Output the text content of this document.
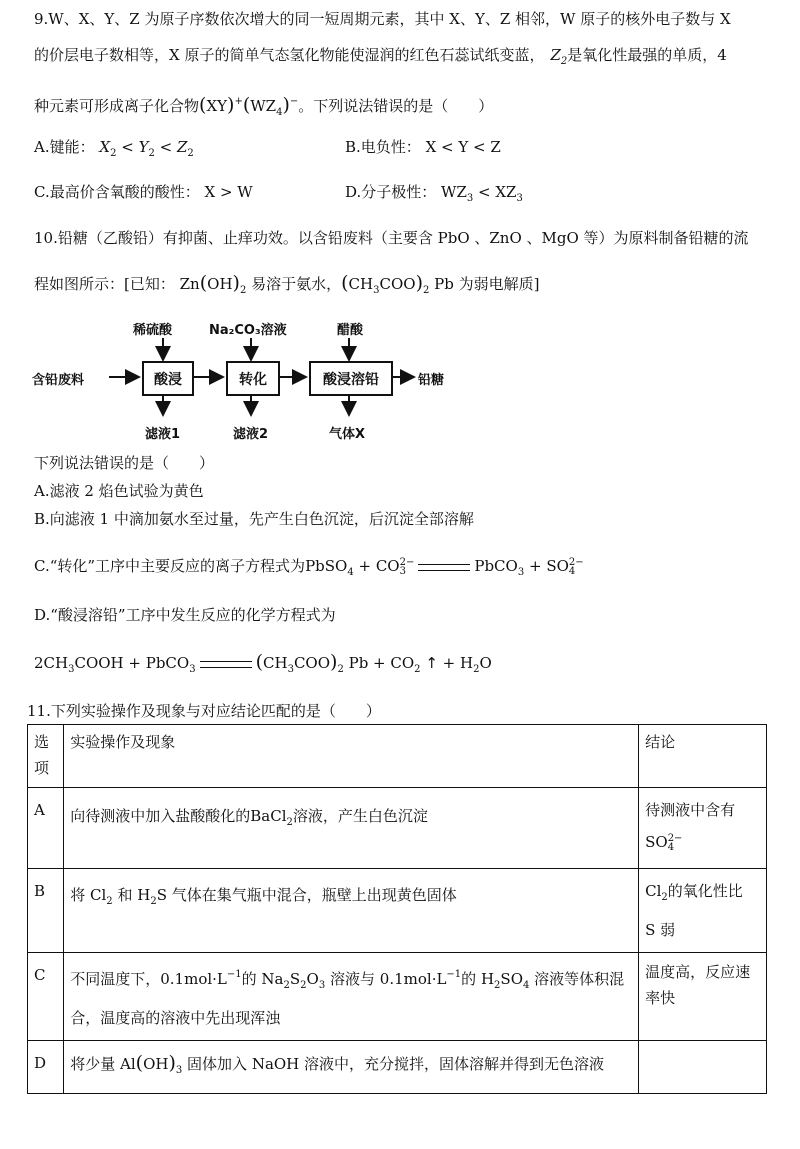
9.W、X、Y、Z 为原子序数依次增大的同一短周期元素，其中 X、Y、Z 相邻，W 原子的核外电子数与 X
的价层电子数相等，X 原子的简单气态氢化物能使湿润的红色石蕊试纸变蓝， $Z_2$是氧化性最强的单质，4
种元素可形成离子化合物$(XY)^+(WZ_4)^-$。下列说法错误的是（　　）
A.键能： $X_2 < Y_2 < Z_2$	B.电负性： X < Y < Z
C.最高价含氧酸的酸性： X > W	D.分子极性： $WZ_3 < XZ_3$
10.铅糖（乙酸铅）有抑菌、止痒功效。以含铅废料（主要含 PbO 、ZnO 、MgO 等）为原料制备铅糖的流
程如图所示：[已知： $Zn(OH)_2$ 易溶于氨水，$(CH_3COO)_2$ Pb 为弱电解质]
稀硫酸	Na₂CO₃溶液	醋酸
含铅废料	酸浸	转化	酸浸溶铅	铅糖
滤液1	滤液2	气体X
下列说法错误的是（　　）
A.滤液 2 焰色试验为黄色
B.向滤液 1 中滴加氨水至过量，先产生白色沉淀，后沉淀全部溶解
C.“转化”工序中主要反应的离子方程式为PbSO$_4$ + CO2−
3	PbCO$_3$ + SO2−
4
D.“酸浸溶铅”工序中发生反应的化学方程式为
$2CH_3COOH$ + PbCO$_3$	$(CH_3COO)_2$ $Pb + CO_2$ ↑ + $H_2O$
11.下列实验操作及现象与对应结论匹配的是（　　）
选项	实验操作及现象	结论
A	向待测液中加入盐酸酸化的BaCl$_2$溶液，产生白色沉淀	待测液中含有
SO2−
4
B	将 $Cl_2$ 和 $H_2S$ 气体在集气瓶中混合，瓶壁上出现黄色固体	$Cl_2$的氧化性比
S 弱
C	不同温度下，$0.1mol\cdot L^{-1}$的 $Na_2S_2O_3$ 溶液与 $0.1mol\cdot L^{-1}$的 $H_2SO_4$ 溶液等体积混
合，温度高的溶液中先出现浑浊	温度高，反应速率快
D	将少量 $Al(OH)_3$ 固体加入 NaOH 溶液中，充分搅拌，固体溶解并得到无色溶液	
